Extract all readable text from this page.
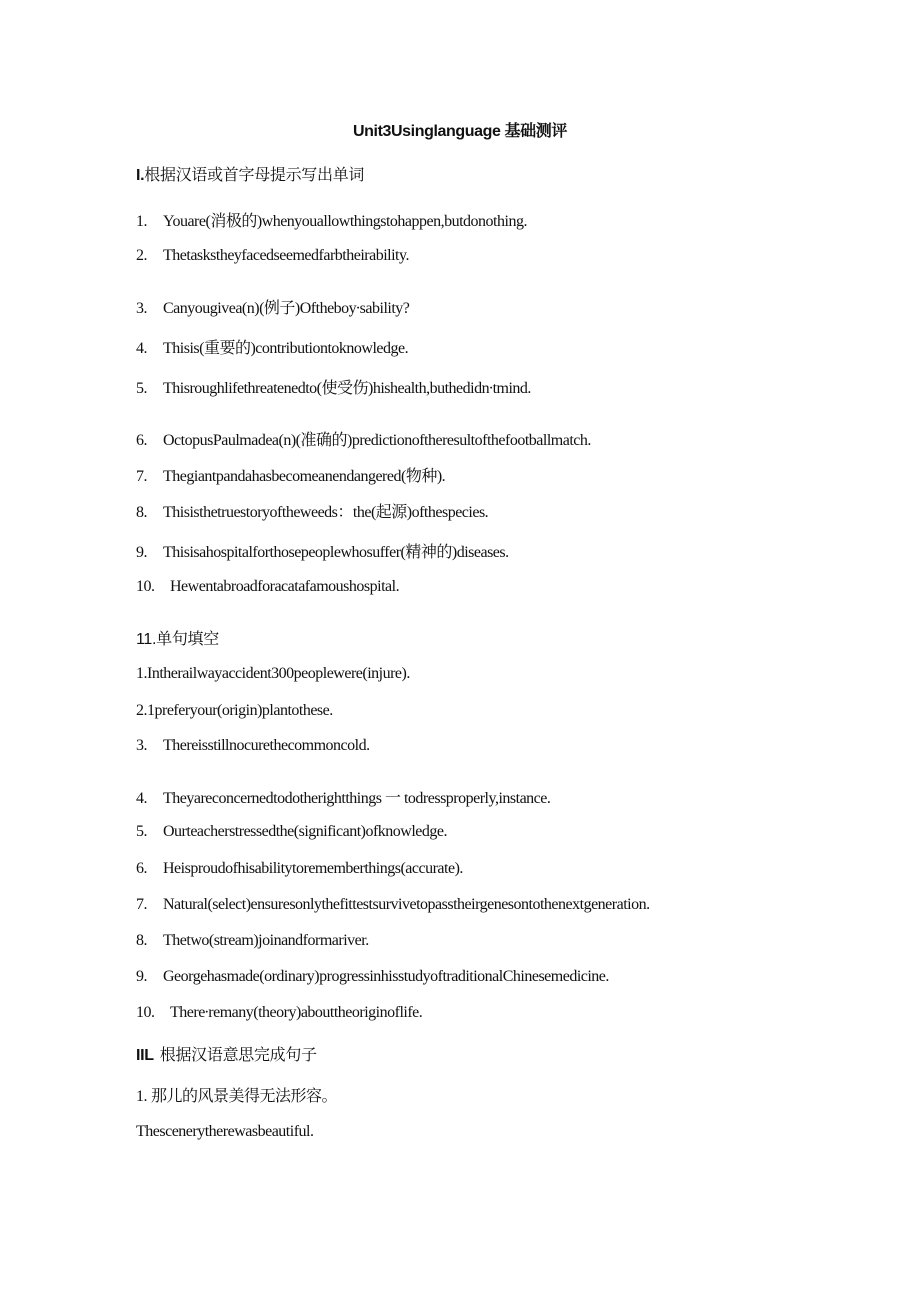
Unit3Usinglanguage 基础测评
I.根据汉语或首字母提示写出单词
1. Youare(消极的)whenyouallowthingstohappen,butdonothing.
2. Thetaskstheyfacedseemedfarbtheirability.
3. Canyougivea(n)(例子)Oftheboy∙sability?
4. Thisis(重要的)contributiontoknowledge.
5. Thisroughlifethreatenedto(使受伤)hishealth,buthedidn∙tmind.
6. OctopusPaulmadea(n)(准确的)predictionoftheresultofthefootballmatch.
7. Thegiantpandahasbecomeanendangered(物种).
8. Thisisthetruestoryoftheweeds：the(起源)ofthespecies.
9. Thisisahospitalforthosepeoplewhosuffer(精神的)diseases.
10. Hewentabroadforacatafamoushospital.
11.单句填空
1.Intherailwayaccident300peoplewere(injure).
2.1preferyour(origin)plantothese.
3. Thereisstillnocurethecommoncold.
4. Theyareconcernedtodotherightthings 一 todressproperly,instance.
5. Ourteacherstressedthe(significant)ofknowledge.
6. Heisproudofhisabilitytorememberthings(accurate).
7. Natural(select)ensuresonlythefittestsurvivetopasstheirgenesontothenextgeneration.
8. Thetwo(stream)joinandformariver.
9. Georgehasmade(ordinary)progressinhisstudyoftraditionalChinesemedicine.
10. There∙remany(theory)abouttheoriginoflife.
IIL 根据汉语意思完成句子
1. 那儿的风景美得无法形容。
Thescenerytherewasbeautiful.
